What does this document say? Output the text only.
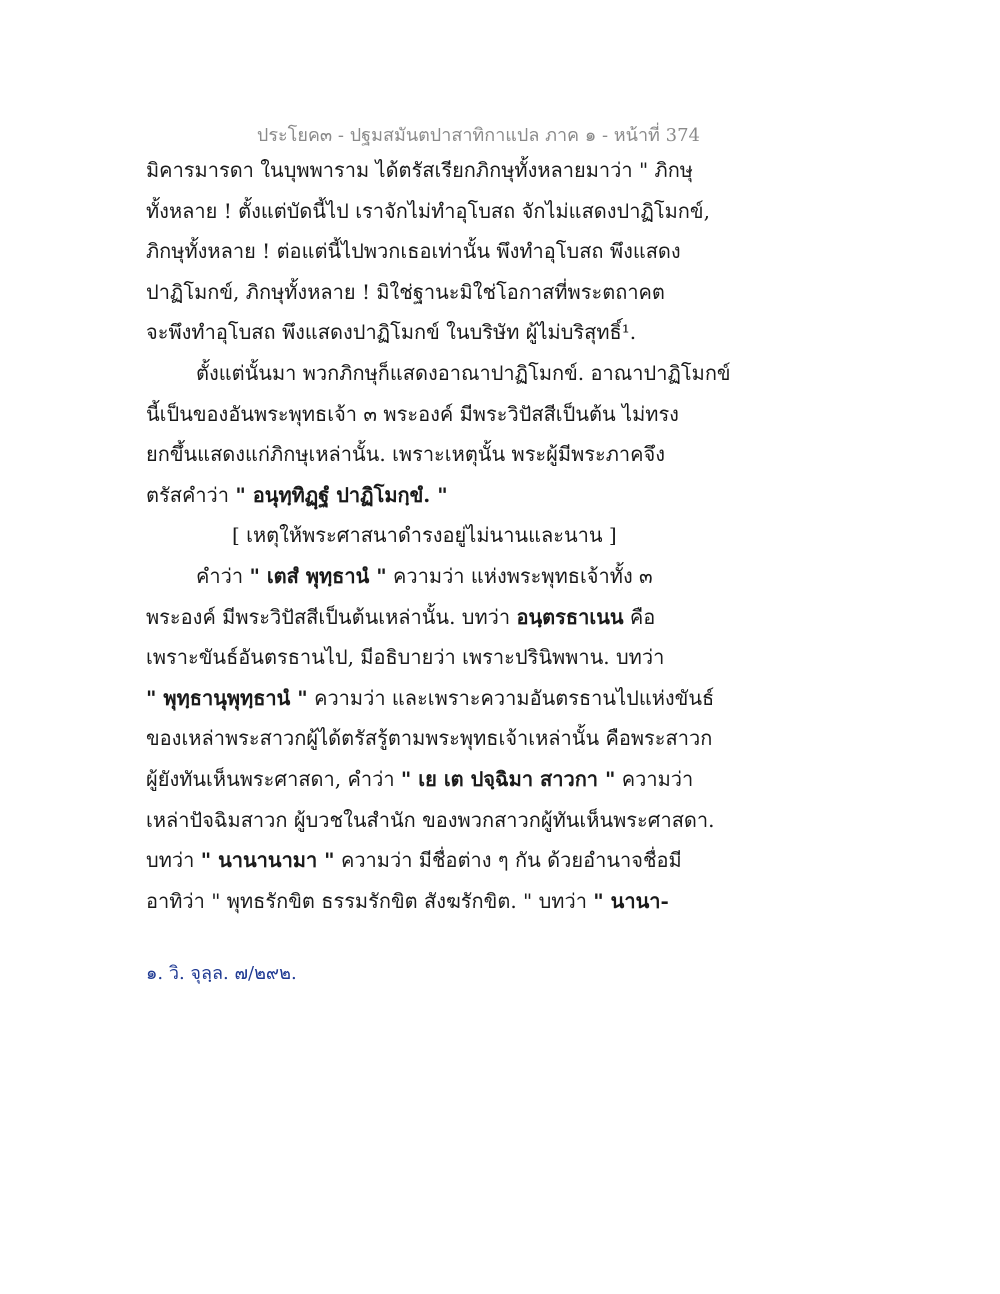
ประโยค๓ - ปฐมสมันตปาสาทิกาแปล ภาค ๑ - หน้าที่ 374
มิคารมารดา ในบุพพาราม ได้ตรัสเรียกภิกษุทั้งหลายมาว่า " ภิกษุ
ทั้งหลาย ! ตั้งแต่บัดนี้ไป เราจักไม่ทำอุโบสถ จักไม่แสดงปาฏิโมกข์,
ภิกษุทั้งหลาย ! ต่อแต่นี้ไปพวกเธอเท่านั้น พึงทำอุโบสถ พึงแสดง
ปาฏิโมกข์, ภิกษุทั้งหลาย ! มิใช่ฐานะมิใช่โอกาสที่พระตถาคต
จะพึงทำอุโบสถ พึงแสดงปาฏิโมกข์ ในบริษัท ผู้ไม่บริสุทธิ์¹.
ตั้งแต่นั้นมา พวกภิกษุก็แสดงอาณาปาฏิโมกข์. อาณาปาฏิโมกข์
นี้เป็นของอันพระพุทธเจ้า ๓ พระองค์ มีพระวิปัสสีเป็นต้น ไม่ทรง
ยกขึ้นแสดงแก่ภิกษุเหล่านั้น. เพราะเหตุนั้น พระผู้มีพระภาคจึง
ตรัสคำว่า " อนุทฺทิฏฺฐํ ปาฏิโมกฺขํ. "
[ เหตุให้พระศาสนาดำรงอยู่ไม่นานและนาน ]
คำว่า " เตสํ พุทฺธานํ " ความว่า แห่งพระพุทธเจ้าทั้ง ๓
พระองค์ มีพระวิปัสสีเป็นต้นเหล่านั้น. บทว่า อนฺตรธาเนน คือ
เพราะขันธ์อันตรธานไป, มีอธิบายว่า เพราะปรินิพพาน. บทว่า
" พุทฺธานุพุทฺธานํ " ความว่า และเพราะความอันตรธานไปแห่งขันธ์
ของเหล่าพระสาวกผู้ได้ตรัสรู้ตามพระพุทธเจ้าเหล่านั้น คือพระสาวก
ผู้ยังทันเห็นพระศาสดา, คำว่า " เย เต ปจฺฉิมา สาวกา " ความว่า
เหล่าปัจฉิมสาวก ผู้บวชในสำนัก ของพวกสาวกผู้ทันเห็นพระศาสดา.
บทว่า " นานานามา " ความว่า มีชื่อต่าง ๆ กัน ด้วยอำนาจชื่อมี
อาทิว่า " พุทธรักขิต ธรรมรักขิต สังฆรักขิต. " บทว่า " นานา-
๑. วิ. จุลฺล. ๗/๒๙๒.
